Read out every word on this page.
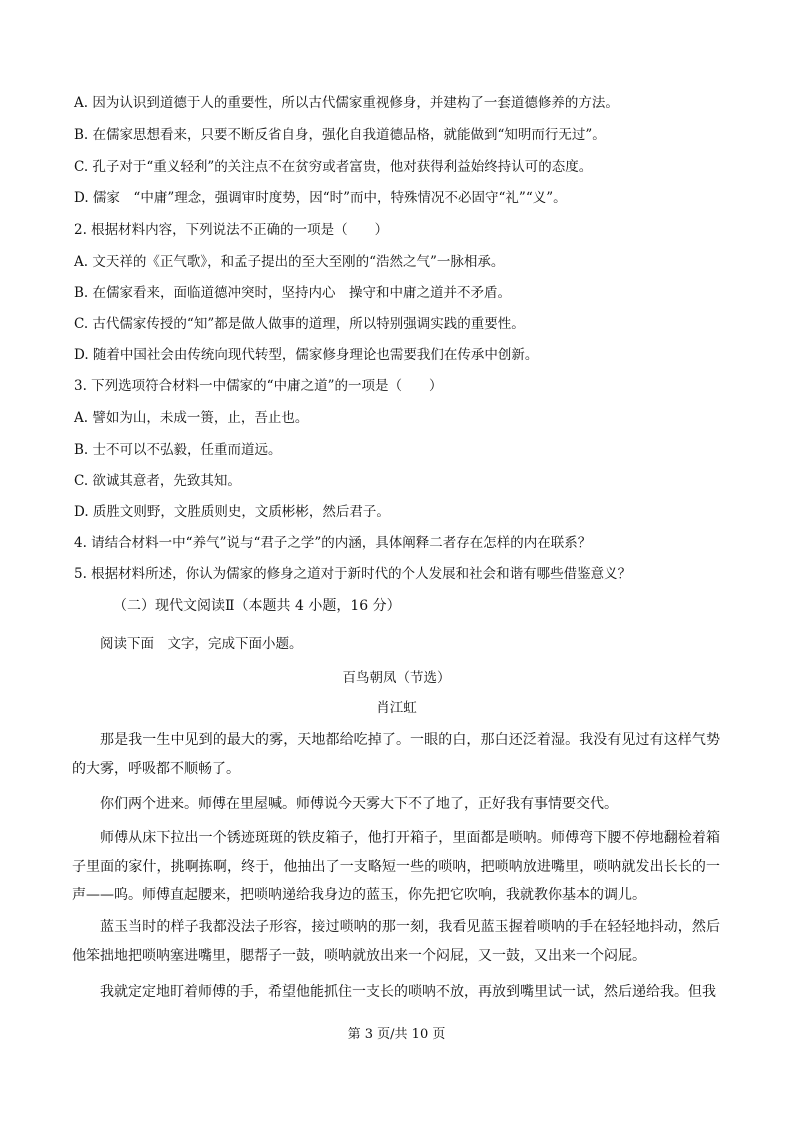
A. 因为认识到道德于人的重要性，所以古代儒家重视修身，并建构了一套道德修养的方法。
B. 在儒家思想看来，只要不断反省自身，强化自我道德品格，就能做到“知明而行无过”。
C. 孔子对于“重义轻利”的关注点不在贫穷或者富贵，他对获得利益始终持认可的态度。
D. 儒家　“中庸”理念，强调审时度势，因“时”而中，特殊情况不必固守“礼”“义”。
2. 根据材料内容，下列说法不正确的一项是（　　）
A. 文天祥的《正气歌》，和孟子提出的至大至刚的“浩然之气”一脉相承。
B. 在儒家看来，面临道德冲突时，坚持内心　操守和中庸之道并不矛盾。
C. 古代儒家传授的“知”都是做人做事的道理，所以特别强调实践的重要性。
D. 随着中国社会由传统向现代转型，儒家修身理论也需要我们在传承中创新。
3. 下列选项符合材料一中儒家的“中庸之道”的一项是（　　）
A. 譬如为山，未成一篑，止，吾止也。
B. 士不可以不弘毅，任重而道远。
C. 欲诚其意者，先致其知。
D. 质胜文则野，文胜质则史，文质彬彬，然后君子。
4. 请结合材料一中“养气”说与“君子之学”的内涵，具体阐释二者存在怎样的内在联系？
5. 根据材料所述，你认为儒家的修身之道对于新时代的个人发展和社会和谐有哪些借鉴意义？
（二）现代文阅读Ⅱ（本题共 4 小题，16 分）
阅读下面　文字，完成下面小题。
百鸟朝凤（节选）
肖江虹
那是我一生中见到的最大的雾，天地都给吃掉了。一眼的白，那白还泛着湿。我没有见过有这样气势的大雾，呼吸都不顺畅了。
你们两个进来。师傅在里屋喊。师傅说今天雾大下不了地了，正好我有事情要交代。
师傅从床下拉出一个锈迹斑斑的铁皮箱子，他打开箱子，里面都是唢呐。师傅弯下腰不停地翻检着箱子里面的家什，挑啊拣啊，终于，他抽出了一支略短一些的唢呐，把唢呐放进嘴里，唢呐就发出长长的一声——呜。师傅直起腰来，把唢呐递给我身边的蓝玉，你先把它吹响，我就教你基本的调儿。
蓝玉当时的样子我都没法子形容，接过唢呐的那一刻，我看见蓝玉握着唢呐的手在轻轻地抖动，然后他笨拙地把唢呐塞进嘴里，腮帮子一鼓，唢呐就放出来一个闷屁，又一鼓，又出来一个闷屁。
我就定定地盯着师傅的手，希望他能抓住一支长的唢呐不放，再放到嘴里试一试，然后递给我。但我
第 3 页/共 10 页
